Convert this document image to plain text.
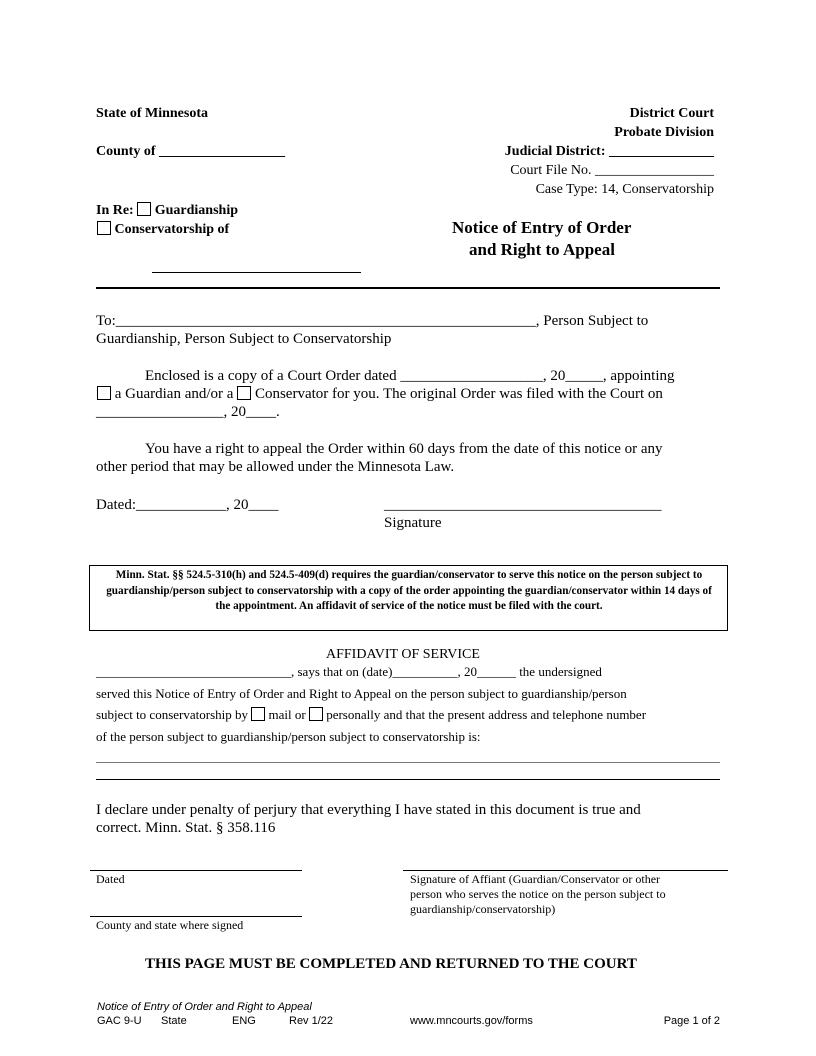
State of Minnesota	District Court
Probate Division
County of __________________	Judicial District: _______________
Court File No. _________________
Case Type: 14, Conservatorship
In Re: Guardianship
Conservatorship of	Notice of Entry of Order
and Right to Appeal
To:________________________________________________________, Person Subject to
Guardianship, Person Subject to Conservatorship
Enclosed is a copy of a Court Order dated ___________________, 20_____, appointing
a Guardian and/or a Conservator for you. The original Order was filed with the Court on
_________________, 20____.
You have a right to appeal the Order within 60 days from the date of this notice or any
other period that may be allowed under the Minnesota Law.
Dated:____________, 20____	_____________________________________
Signature
Minn. Stat. §§ 524.5-310(h) and 524.5-409(d) requires the guardian/conservator to serve this notice on the person subject to guardianship/person subject to conservatorship with a copy of the order appointing the guardian/conservator within 14 days of the appointment. An affidavit of service of the notice must be filed with the court.
AFFIDAVIT OF SERVICE
______________________________, says that on (date)__________, 20______ the undersigned
served this Notice of Entry of Order and Right to Appeal on the person subject to guardianship/person
subject to conservatorship by mail or personally and that the present address and telephone number
of the person subject to guardianship/person subject to conservatorship is:
I declare under penalty of perjury that everything I have stated in this document is true and
correct. Minn. Stat. § 358.116
Dated
County and state where signed
Signature of Affiant (Guardian/Conservator or other
person who serves the notice on the person subject to
guardianship/conservatorship)
THIS PAGE MUST BE COMPLETED AND RETURNED TO THE COURT
Notice of Entry of Order and Right to Appeal
GAC 9-U State	ENG	Rev 1/22	www.mncourts.gov/forms	Page 1 of 2
